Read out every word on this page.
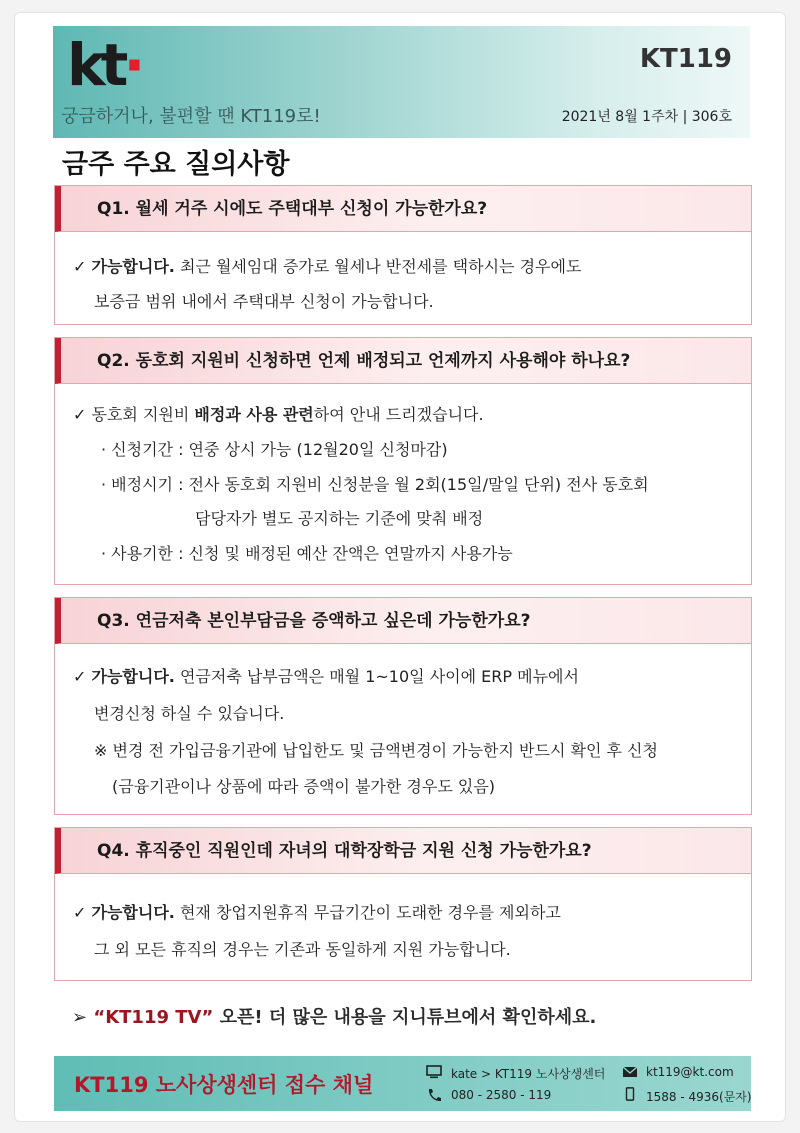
kt·	KT119
궁금하거나, 불편할 땐 KT119로!	2021년 8월 1주차 | 306호
금주 주요 질의사항
Q1. 월세 거주 시에도 주택대부 신청이 가능한가요?
✓ 가능합니다. 최근 월세임대 증가로 월세나 반전세를 택하시는 경우에도
보증금 범위 내에서 주택대부 신청이 가능합니다.
Q2. 동호회 지원비 신청하면 언제 배정되고 언제까지 사용해야 하나요?
✓ 동호회 지원비 배정과 사용 관련하여 안내 드리겠습니다.
· 신청기간 : 연중 상시 가능 (12월20일 신청마감)
· 배정시기 : 전사 동호회 지원비 신청분을 월 2회(15일/말일 단위) 전사 동호회
담당자가 별도 공지하는 기준에 맞춰 배정
· 사용기한 : 신청 및 배정된 예산 잔액은 연말까지 사용가능
Q3. 연금저축 본인부담금을 증액하고 싶은데 가능한가요?
✓ 가능합니다. 연금저축 납부금액은 매월 1~10일 사이에 ERP 메뉴에서
변경신청 하실 수 있습니다.
※ 변경 전 가입금융기관에 납입한도 및 금액변경이 가능한지 반드시 확인 후 신청
(금융기관이나 상품에 따라 증액이 불가한 경우도 있음)
Q4. 휴직중인 직원인데 자녀의 대학장학금 지원 신청 가능한가요?
✓ 가능합니다. 현재 창업지원휴직 무급기간이 도래한 경우를 제외하고
그 외 모든 휴직의 경우는 기존과 동일하게 지원 가능합니다.
➢ “KT119 TV” 오픈! 더 많은 내용을 지니튜브에서 확인하세요.
KT119 노사상생센터 접수 채널	kate > KT119 노사상생센터
080 - 2580 - 119
kt119@kt.com
1588 - 4936(문자)
